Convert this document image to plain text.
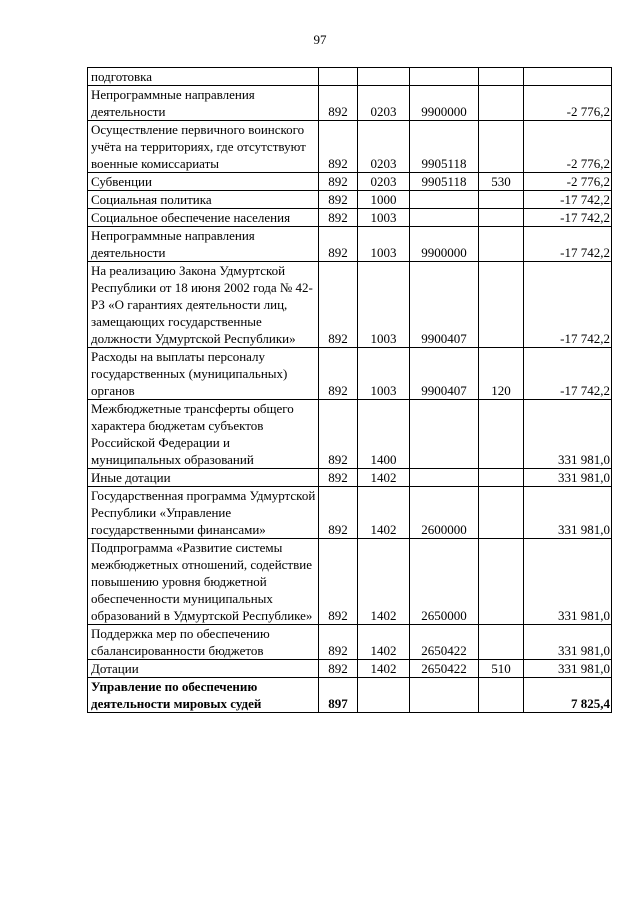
97
подготовка					
Непрограммные направления деятельности	892	0203	9900000		-2 776,2
Осуществление первичного воинского учёта на территориях, где отсутствуют военные комиссариаты	892	0203	9905118		-2 776,2
Субвенции	892	0203	9905118	530	-2 776,2
Социальная политика	892	1000			-17 742,2
Социальное обеспечение населения	892	1003			-17 742,2
Непрограммные направления деятельности	892	1003	9900000		-17 742,2
На реализацию Закона Удмуртской Республики от 18 июня 2002 года № 42-РЗ «О гарантиях деятельности лиц, замещающих государственные должности Удмуртской Республики»	892	1003	9900407		-17 742,2
Расходы на выплаты персоналу государственных (муниципальных) органов	892	1003	9900407	120	-17 742,2
Межбюджетные трансферты общего характера бюджетам субъектов Российской Федерации и муниципальных образований	892	1400			331 981,0
Иные дотации	892	1402			331 981,0
Государственная программа Удмуртской Республики «Управление государственными финансами»	892	1402	2600000		331 981,0
Подпрограмма «Развитие системы межбюджетных отношений, содействие повышению уровня бюджетной обеспеченности муниципальных образований в Удмуртской Республике»	892	1402	2650000		331 981,0
Поддержка мер по обеспечению сбалансированности бюджетов	892	1402	2650422		331 981,0
Дотации	892	1402	2650422	510	331 981,0
Управление по обеспечению деятельности мировых судей	897				7 825,4
